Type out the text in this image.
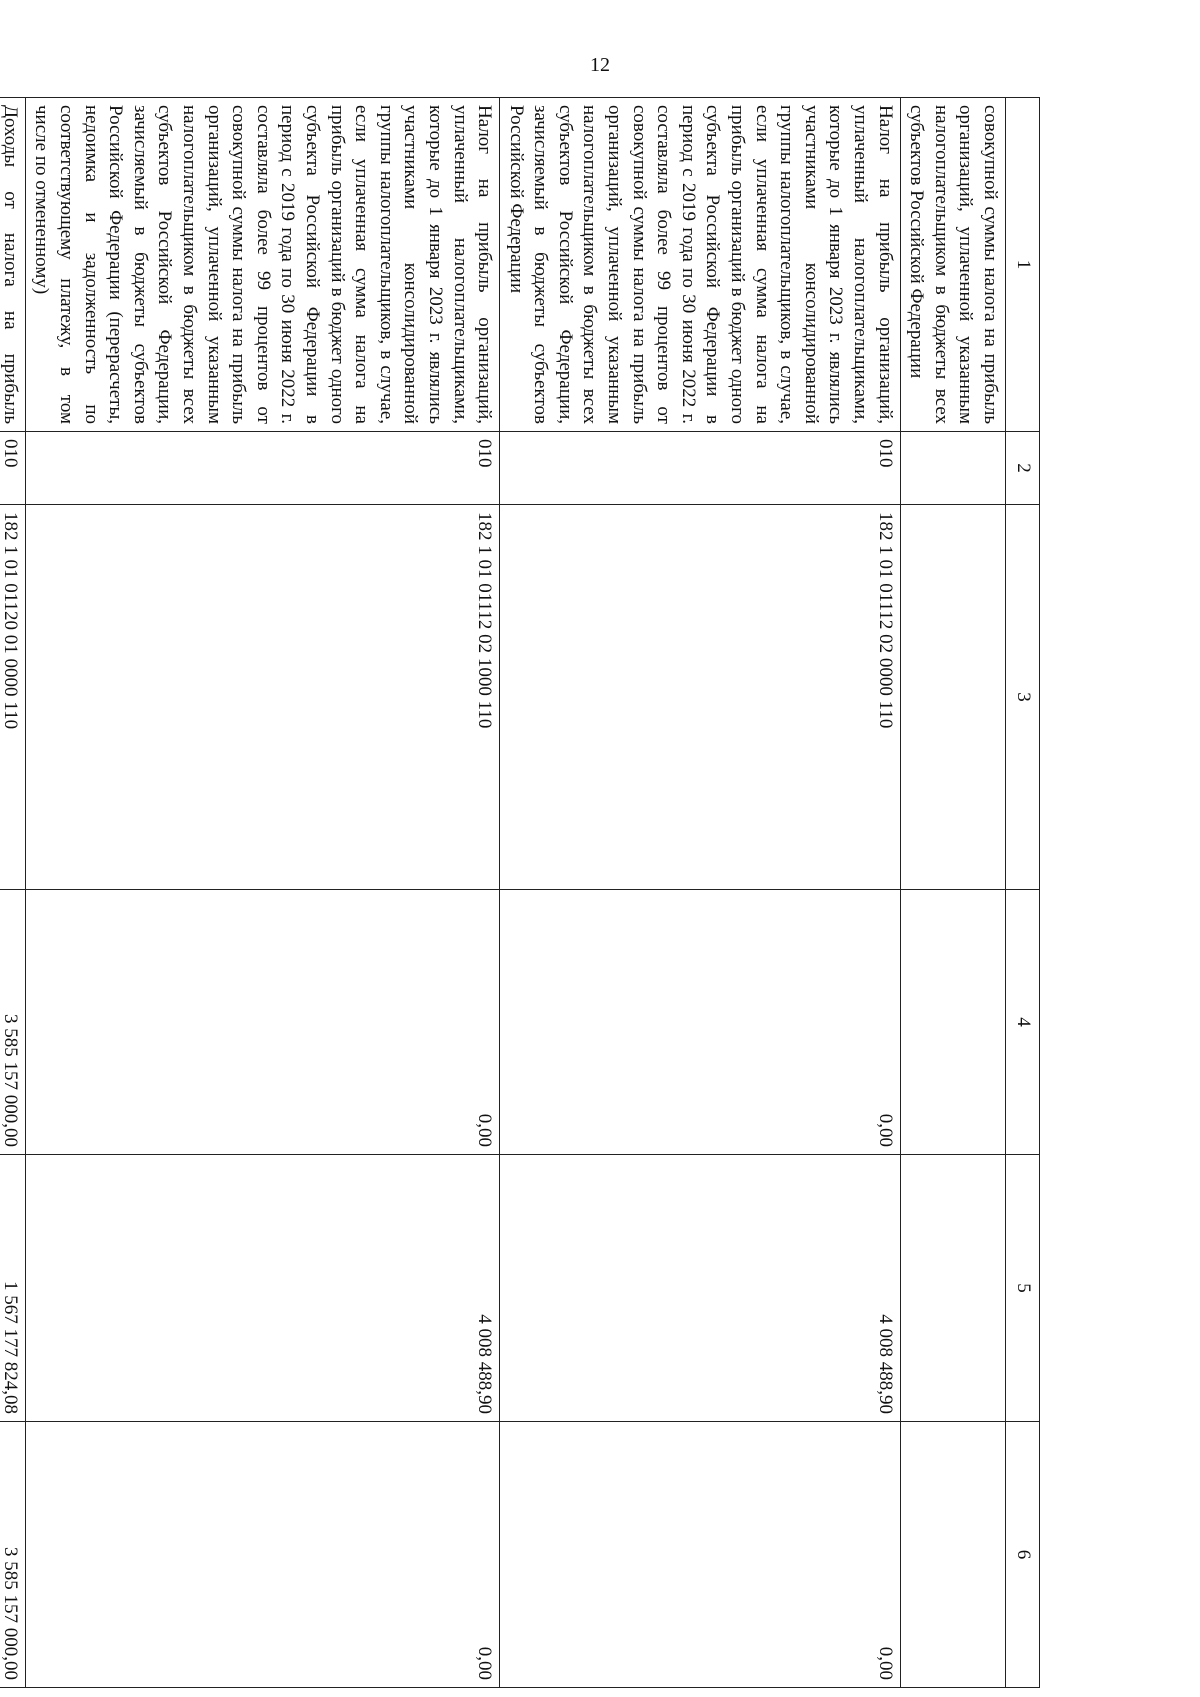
12
1	2	3	4	5	6
совокупной суммы налога на прибыль организаций, уплаченной указанным налогоплательщиком в бюджеты всех субъектов Российской Федерации					
Налог на прибыль организаций, уплаченный налогоплательщиками, которые до 1 января 2023 г. являлись участниками консолидированной группы налогоплательщиков, в случае, если уплаченная сумма налога на прибыль организаций в бюджет одного субъекта Российской Федерации в период с 2019 года по 30 июня 2022 г. составляла более 99 процентов от совокупной суммы налога на прибыль организаций, уплаченной указанным налогоплательщиком в бюджеты всех субъектов Российской Федерации, зачисляемый в бюджеты субъектов Российской Федерации	010	182 1 01 01112 02 0000 110	0,00	4 008 488,90	0,00
Налог на прибыль организаций, уплаченный налогоплательщиками, которые до 1 января 2023 г. являлись участниками консолидированной группы налогоплательщиков, в случае, если уплаченная сумма налога на прибыль организаций в бюджет одного субъекта Российской Федерации в период с 2019 года по 30 июня 2022 г. составляла более 99 процентов от совокупной суммы налога на прибыль организаций, уплаченной указанным налогоплательщиком в бюджеты всех субъектов Российской Федерации, зачисляемый в бюджеты субъектов Российской Федерации (перерасчеты, недоимка и задолженность по соответствующему платежу, в том числе по отмененному)	010	182 1 01 01112 02 1000 110	0,00	4 008 488,90	0,00
Доходы от налога на прибыль	010	182 1 01 01120 01 0000 110	3 585 157 000,00	1 567 177 824,08	3 585 157 000,00
